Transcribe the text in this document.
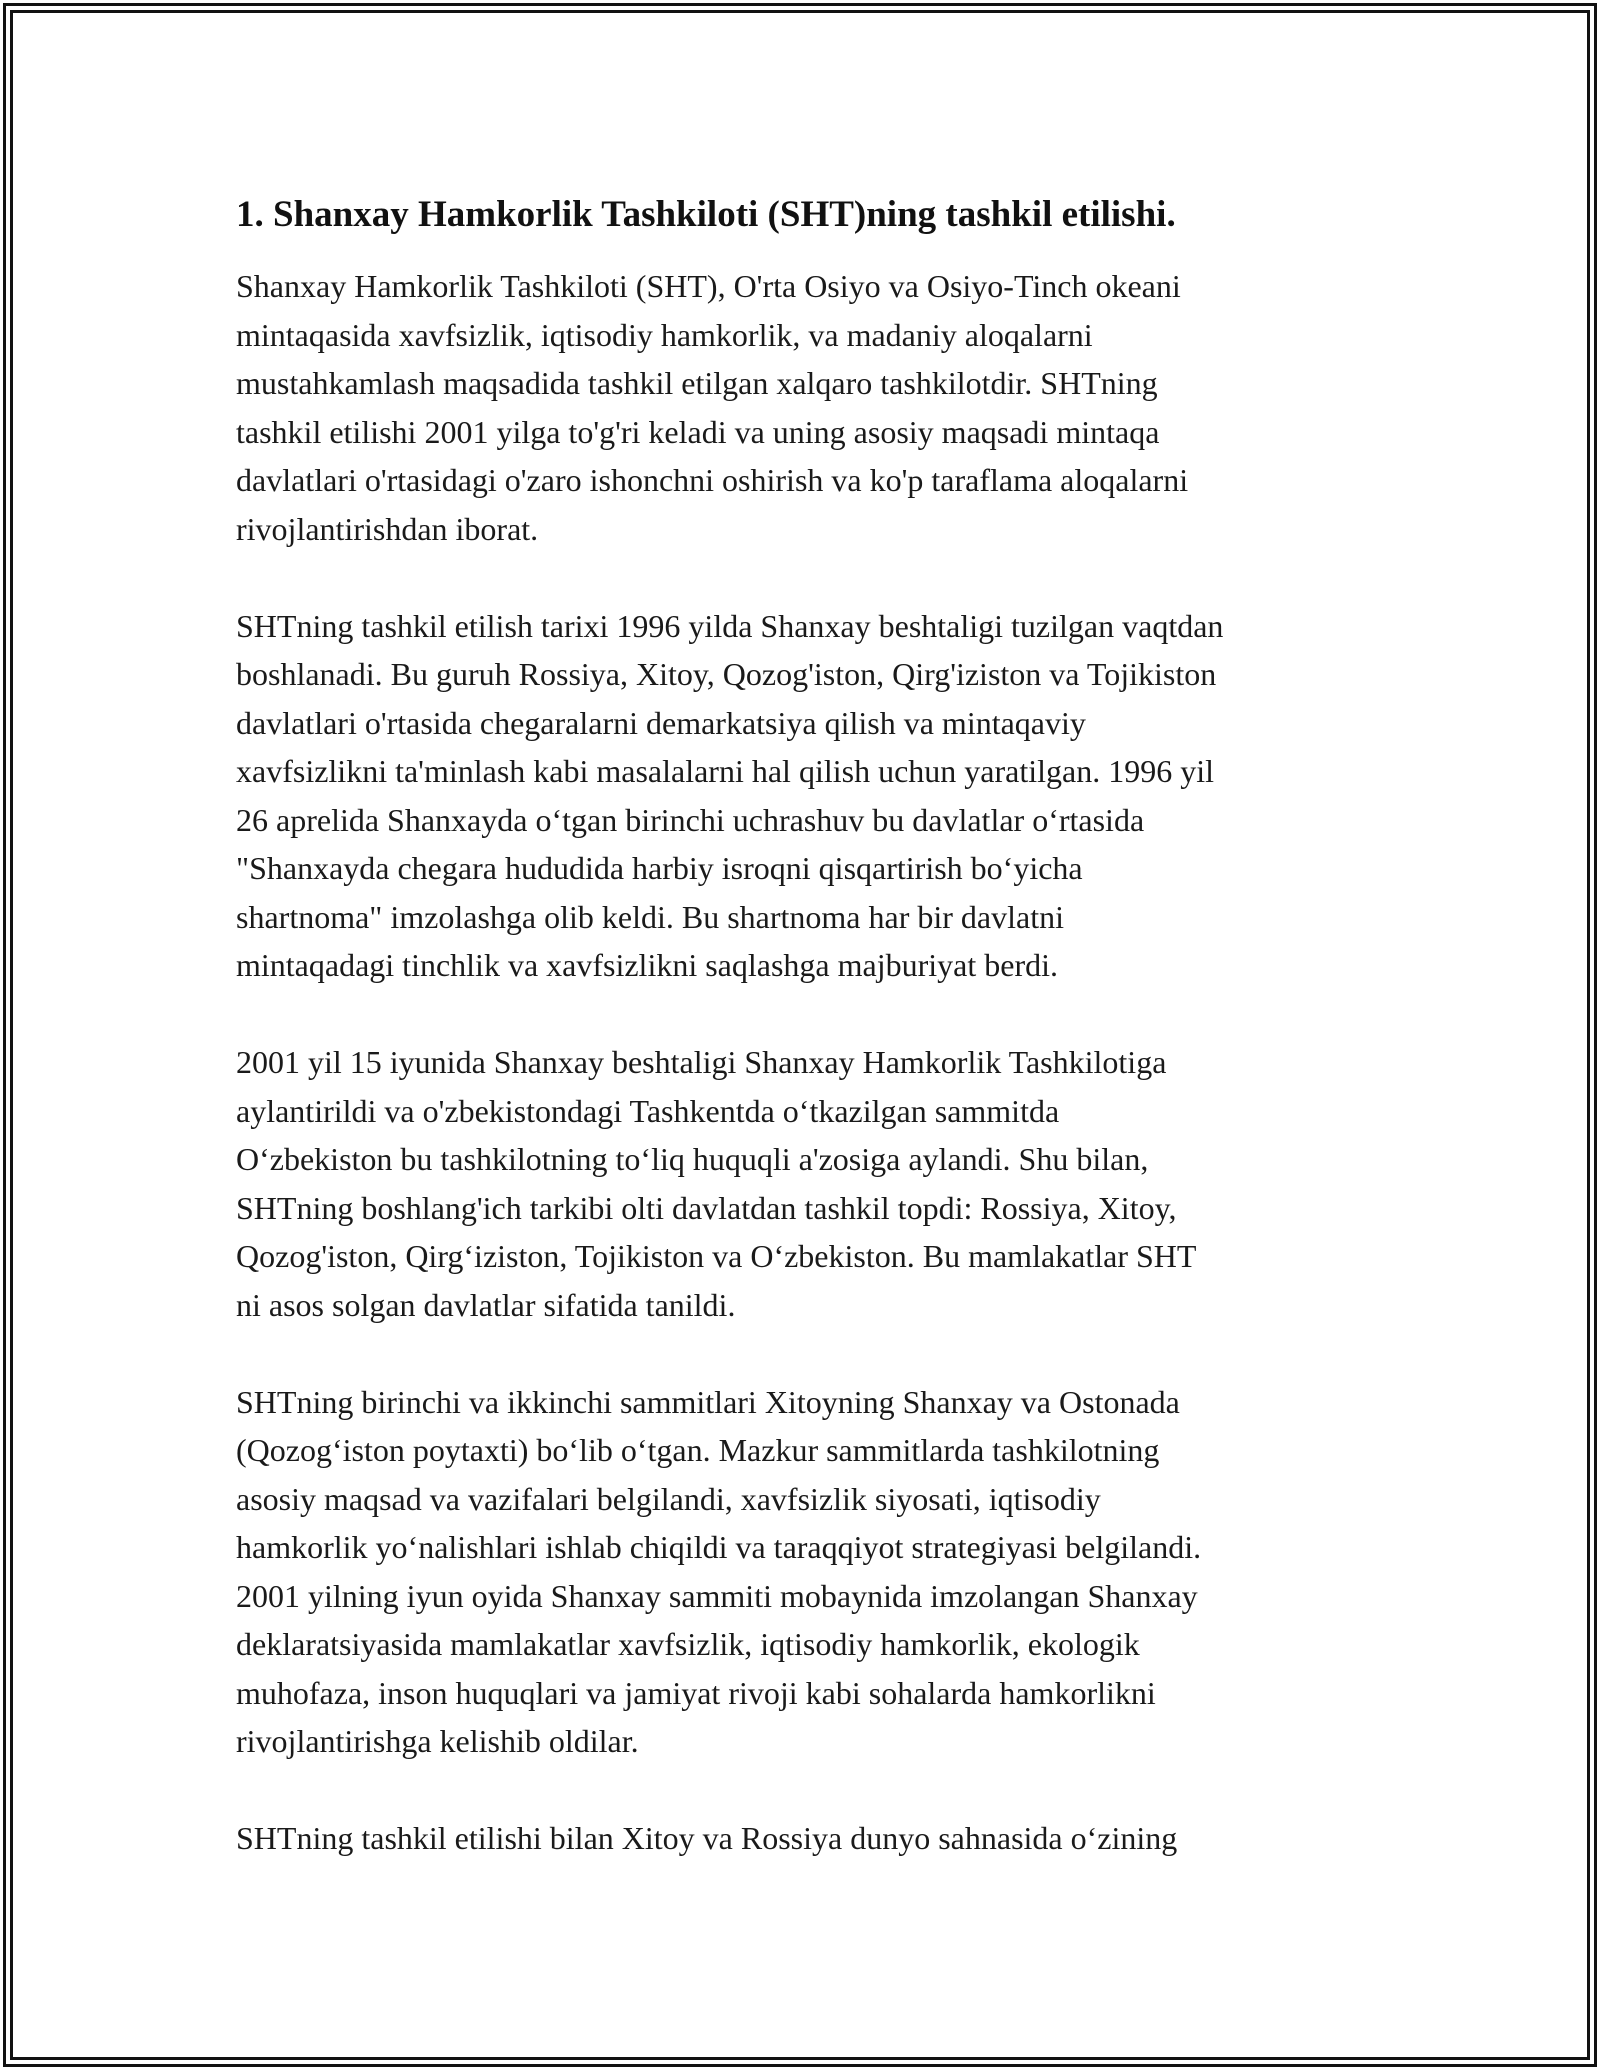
1. Shanxay Hamkorlik Tashkiloti (SHT)ning tashkil etilishi.
Shanxay Hamkorlik Tashkiloti (SHT), O'rta Osiyo va Osiyo-Tinch okeani
mintaqasida xavfsizlik, iqtisodiy hamkorlik, va madaniy aloqalarni
mustahkamlash maqsadida tashkil etilgan xalqaro tashkilotdir. SHTning
tashkil etilishi 2001 yilga to'g'ri keladi va uning asosiy maqsadi mintaqa
davlatlari o'rtasidagi o'zaro ishonchni oshirish va ko'p taraflama aloqalarni
rivojlantirishdan iborat.
SHTning tashkil etilish tarixi 1996 yilda Shanxay beshtaligi tuzilgan vaqtdan
boshlanadi. Bu guruh Rossiya, Xitoy, Qozog'iston, Qirg'iziston va Tojikiston
davlatlari o'rtasida chegaralarni demarkatsiya qilish va mintaqaviy
xavfsizlikni ta'minlash kabi masalalarni hal qilish uchun yaratilgan. 1996 yil
26 aprelida Shanxayda o‘tgan birinchi uchrashuv bu davlatlar o‘rtasida
"Shanxayda chegara hududida harbiy isroqni qisqartirish bo‘yicha
shartnoma" imzolashga olib keldi. Bu shartnoma har bir davlatni
mintaqadagi tinchlik va xavfsizlikni saqlashga majburiyat berdi.
2001 yil 15 iyunida Shanxay beshtaligi Shanxay Hamkorlik Tashkilotiga
aylantirildi va o'zbekistondagi Tashkentda o‘tkazilgan sammitda
O‘zbekiston bu tashkilotning to‘liq huquqli a'zosiga aylandi. Shu bilan,
SHTning boshlang'ich tarkibi olti davlatdan tashkil topdi: Rossiya, Xitoy,
Qozog'iston, Qirg‘iziston, Tojikiston va O‘zbekiston. Bu mamlakatlar SHT
ni asos solgan davlatlar sifatida tanildi.
SHTning birinchi va ikkinchi sammitlari Xitoyning Shanxay va Ostonada
(Qozog‘iston poytaxti) bo‘lib o‘tgan. Mazkur sammitlarda tashkilotning
asosiy maqsad va vazifalari belgilandi, xavfsizlik siyosati, iqtisodiy
hamkorlik yo‘nalishlari ishlab chiqildi va taraqqiyot strategiyasi belgilandi.
2001 yilning iyun oyida Shanxay sammiti mobaynida imzolangan Shanxay
deklaratsiyasida mamlakatlar xavfsizlik, iqtisodiy hamkorlik, ekologik
muhofaza, inson huquqlari va jamiyat rivoji kabi sohalarda hamkorlikni
rivojlantirishga kelishib oldilar.
SHTning tashkil etilishi bilan Xitoy va Rossiya dunyo sahnasida o‘zining
